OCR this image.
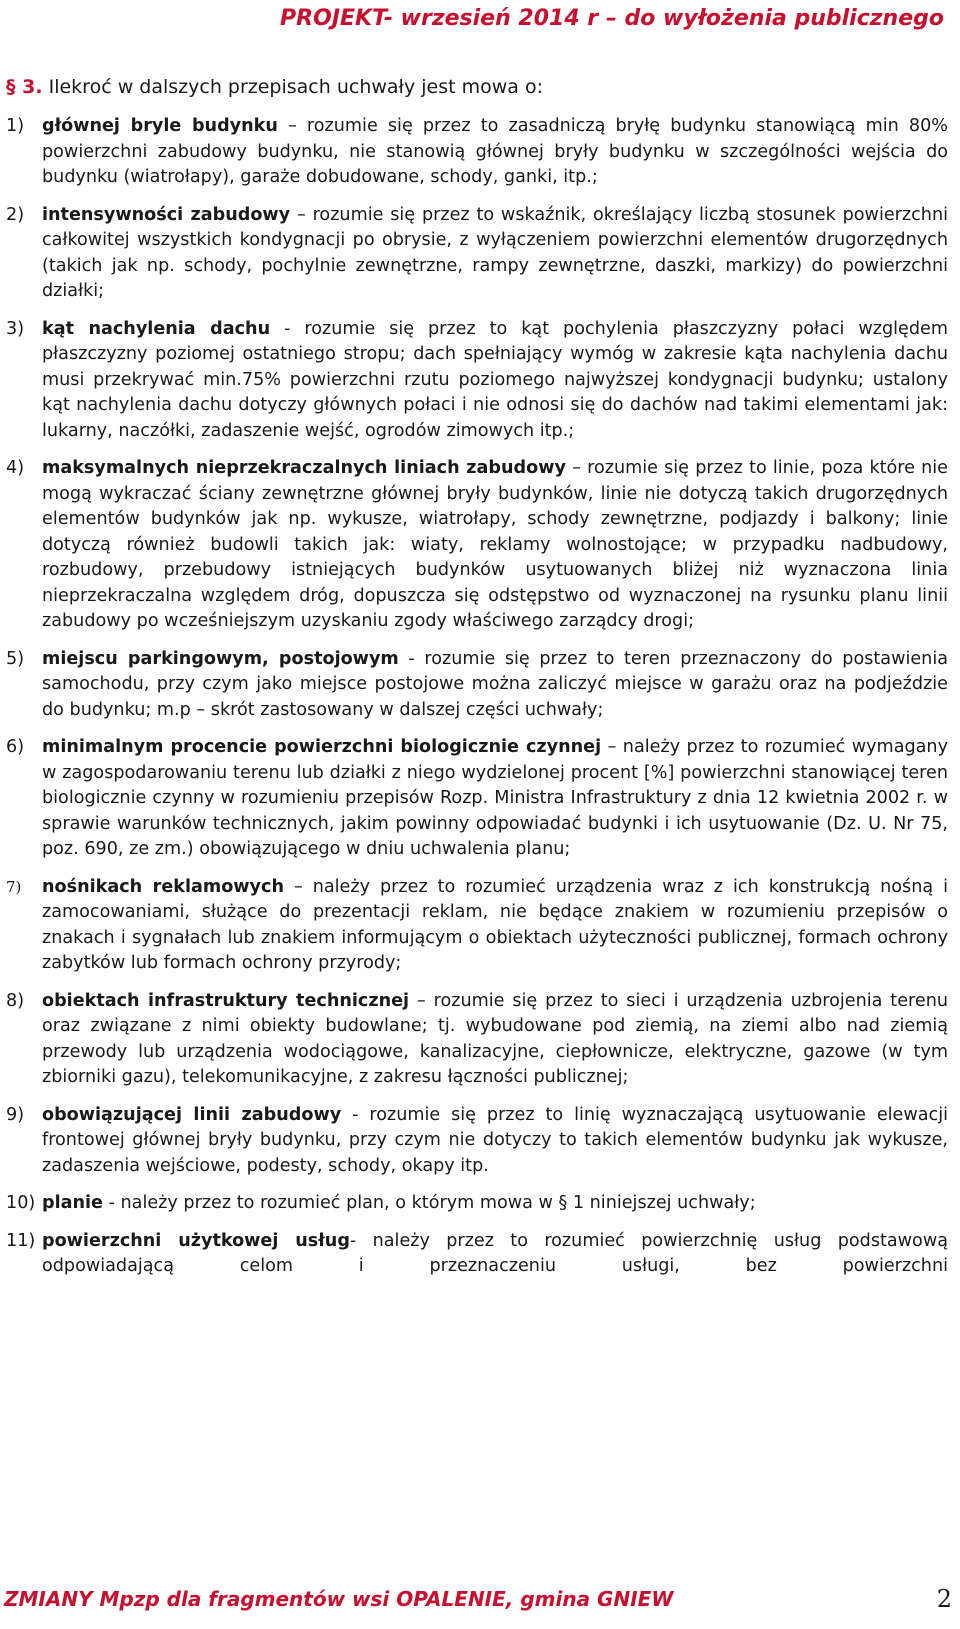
PROJEKT- wrzesień 2014 r – do wyłożenia publicznego

§ 3. Ilekroć w dalszych przepisach uchwały jest mowa o:

1)	głównej bryle budynku – rozumie się przez to zasadniczą bryłę budynku stanowiącą min 80% powierzchni zabudowy budynku, nie stanowią głównej bryły budynku w szczególności wejścia do budynku (wiatrołapy), garaże dobudowane, schody, ganki, itp.;
2)	intensywności zabudowy – rozumie się przez to wskaźnik, określający liczbą stosunek powierzchni całkowitej wszystkich kondygnacji po obrysie, z wyłączeniem powierzchni elementów drugorzędnych (takich jak np. schody, pochylnie zewnętrzne, rampy zewnętrzne, daszki, markizy) do powierzchni działki;
3)	kąt nachylenia dachu - rozumie się przez to kąt pochylenia płaszczyzny połaci względem płaszczyzny poziomej ostatniego stropu; dach spełniający wymóg w zakresie kąta nachylenia dachu musi przekrywać min.75% powierzchni rzutu poziomego najwyższej kondygnacji budynku; ustalony kąt nachylenia dachu dotyczy głównych połaci i nie odnosi się do dachów nad takimi elementami jak: lukarny, naczółki, zadaszenie wejść, ogrodów zimowych itp.;
4)	maksymalnych nieprzekraczalnych liniach zabudowy – rozumie się przez to linie, poza które nie mogą wykraczać ściany zewnętrzne głównej bryły budynków, linie nie dotyczą takich drugorzędnych elementów budynków jak np. wykusze, wiatrołapy, schody zewnętrzne, podjazdy i balkony; linie dotyczą również budowli takich jak: wiaty, reklamy wolnostojące; w przypadku nadbudowy, rozbudowy, przebudowy istniejących budynków usytuowanych bliżej niż wyznaczona linia nieprzekraczalna względem dróg, dopuszcza się odstępstwo od wyznaczonej na rysunku planu linii zabudowy po wcześniejszym uzyskaniu zgody właściwego zarządcy drogi;
5)	miejscu parkingowym, postojowym - rozumie się przez to teren przeznaczony do postawienia samochodu, przy czym jako miejsce postojowe można zaliczyć miejsce w garażu oraz na podjeździe do budynku; m.p – skrót zastosowany w dalszej części uchwały;
6)	minimalnym procencie powierzchni biologicznie czynnej – należy przez to rozumieć wymagany w zagospodarowaniu terenu lub działki z niego wydzielonej procent [%] powierzchni stanowiącej teren biologicznie czynny w rozumieniu przepisów Rozp. Ministra Infrastruktury z dnia 12 kwietnia 2002 r. w sprawie warunków technicznych, jakim powinny odpowiadać budynki i ich usytuowanie (Dz. U. Nr 75, poz. 690, ze zm.) obowiązującego w dniu uchwalenia planu;
7)	nośnikach reklamowych – należy przez to rozumieć urządzenia wraz z ich konstrukcją nośną i zamocowaniami, służące do prezentacji reklam, nie będące znakiem w rozumieniu przepisów o znakach i sygnałach lub znakiem informującym o obiektach użyteczności publicznej, formach ochrony zabytków lub formach ochrony przyrody;
8)	obiektach infrastruktury technicznej – rozumie się przez to sieci i urządzenia uzbrojenia terenu oraz związane z nimi obiekty budowlane; tj. wybudowane pod ziemią, na ziemi albo nad ziemią przewody lub urządzenia wodociągowe, kanalizacyjne, ciepłownicze, elektryczne, gazowe (w tym zbiorniki gazu), telekomunikacyjne, z zakresu łączności publicznej;
9)	obowiązującej linii zabudowy - rozumie się przez to linię wyznaczającą usytuowanie elewacji frontowej głównej bryły budynku, przy czym nie dotyczy to takich elementów budynku jak wykusze, zadaszenia wejściowe, podesty, schody, okapy itp.
10) planie - należy przez to rozumieć plan, o którym mowa w § 1 niniejszej uchwały;
11) powierzchni użytkowej usług- należy przez to rozumieć powierzchnię usług podstawową odpowiadającą celom i przeznaczeniu usługi, bez powierzchni
ZMIANY Mpzp dla fragmentów wsi OPALENIE, gmina GNIEW	2
